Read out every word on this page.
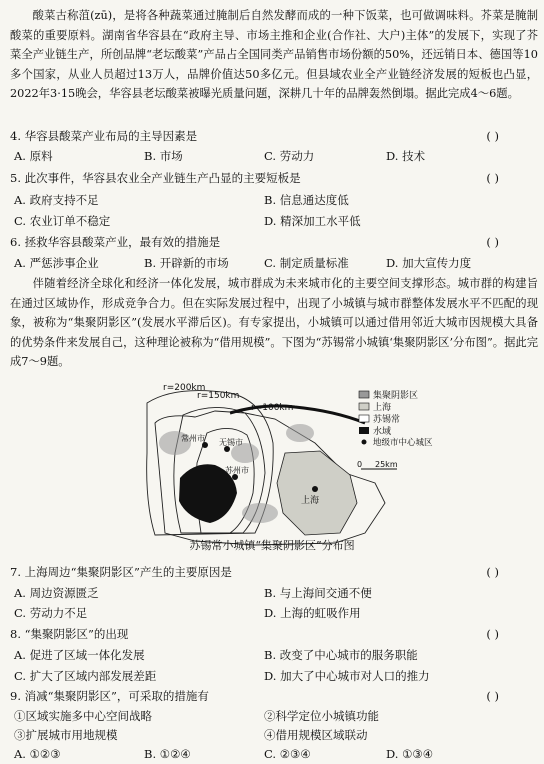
酸菜古称菹(zū)，是将各种蔬菜通过腌制后自然发酵而成的一种下饭菜，也可做调味料。芥菜是腌制酸菜的重要原料。湖南省华容县在“政府主导、市场主推和企业(合作社、大户)主体”的发展下，实现了芥菜全产业链生产，所创品牌“老坛酸菜”产品占全国同类产品销售市场份额的50%，还远销日本、德国等10多个国家，从业人员超过13万人，品牌价值达50多亿元。但县域农业全产业链经济发展的短板也凸显，2022年3·15晚会，华容县老坛酸菜被曝光质量问题，深耕几十年的品牌轰然倒塌。据此完成4～6题。

4. 华容县酸菜产业布局的主导因素是	( )
A. 原料	B. 市场	C. 劳动力	D. 技术
5. 此次事件，华容县农业全产业链生产凸显的主要短板是	( )
A. 政府支持不足	B. 信息通达度低
C. 农业订单不稳定	D. 精深加工水平低
6. 拯救华容县酸菜产业，最有效的措施是	( )
A. 严惩涉事企业	B. 开辟新的市场	C. 制定质量标准	D. 加大宣传力度

伴随着经济全球化和经济一体化发展，城市群成为未来城市化的主要空间支撑形态。城市群的构建旨在通过区域协作，形成竞争合力。但在实际发展过程中，出现了小城镇与城市群整体发展水平不匹配的现象，被称为“集聚阴影区”(发展水平滞后区)。有专家提出，小城镇可以通过借用邻近大城市因规模大具备的优势条件来发展自己，这种理论被称为“借用规模”。下图为“苏锡常小城镇‘集聚阴影区’分布图”。据此完成7～9题。

r=200km
r=150km
r=100km
常州市 无锡市
苏州市
上海
集聚阴影区
上海
苏锡常
水域
地级市中心城区
0 25km
苏锡常小城镇“集聚阴影区”分布图
7. 上海周边“集聚阴影区”产生的主要原因是	( )
A. 周边资源匮乏	B. 与上海间交通不便
C. 劳动力不足	D. 上海的虹吸作用
8. “集聚阴影区”的出现	( )
A. 促进了区域一体化发展	B. 改变了中心城市的服务职能
C. 扩大了区域内部发展差距	D. 加大了中心城市对人口的推力
9. 消减“集聚阴影区”，可采取的措施有	( )
①区域实施多中心空间战略	②科学定位小城镇功能
③扩展城市用地规模	④借用规模区域联动
A. ①②③	B. ①②④	C. ②③④	D. ①③④
